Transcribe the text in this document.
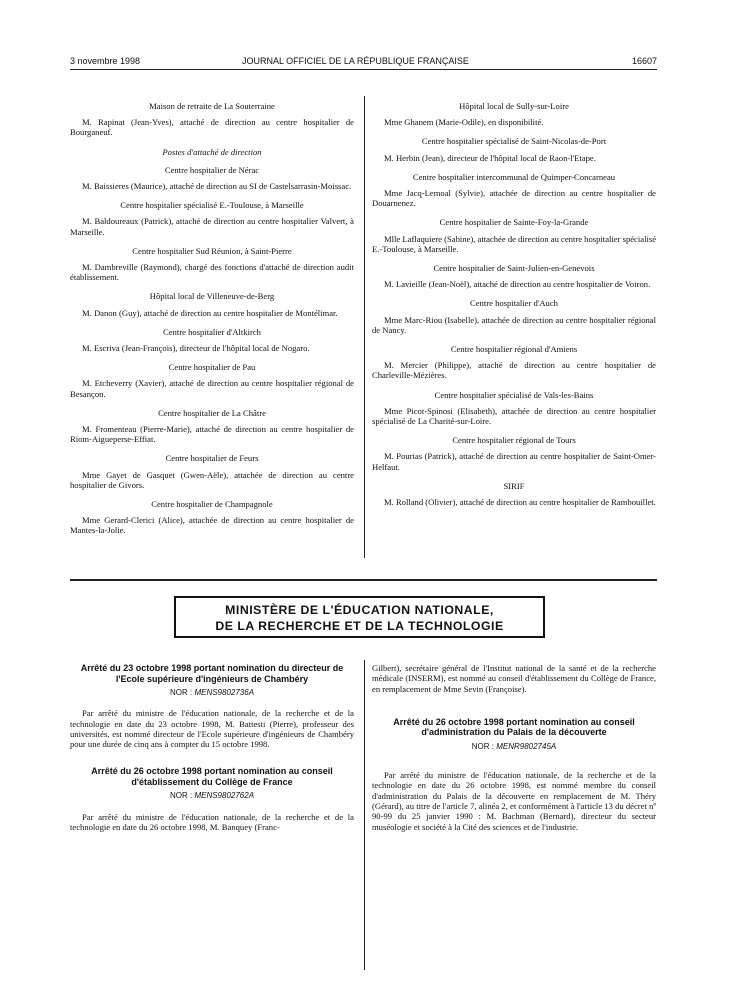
3 novembre 1998	JOURNAL OFFICIEL DE LA RÉPUBLIQUE FRANÇAISE	16607

Maison de retraite de La Souterraine

M. Rapinat (Jean-Yves), attaché de direction au centre hospitalier de Bourganeuf.

Postes d'attaché de direction

Centre hospitalier de Nérac

M. Baissieres (Maurice), attaché de direction au SI de Castelsarrasin-Moissac.

Centre hospitalier spécialisé E.-Toulouse, à Marseille

M. Baldoureaux (Patrick), attaché de direction au centre hospitalier Valvert, à Marseille.

Centre hospitalier Sud Réunion, à Saint-Pierre

M. Dambreville (Raymond), chargé des fonctions d'attaché de direction audit établissement.

Hôpital local de Villeneuve-de-Berg

M. Danon (Guy), attaché de direction au centre hospitalier de Montélimar.

Centre hospitalier d'Altkirch

M. Escriva (Jean-François), directeur de l'hôpital local de Nogaro.

Centre hospitalier de Pau

M. Etcheverry (Xavier), attaché de direction au centre hospitalier régional de Besançon.

Centre hospitalier de La Châtre

M. Fromenteau (Pierre-Marie), attaché de direction au centre hospitalier de Riom-Aigueperse-Effiat.

Centre hospitalier de Feurs

Mme Gayet de Gasquet (Gwen-Aële), attachée de direction au centre hospitalier de Givors.

Centre hospitalier de Champagnole

Mme Gerard-Clerici (Alice), attachée de direction au centre hospitalier de Mantes-la-Jolie.

Hôpital local de Sully-sur-Loire

Mme Ghanem (Marie-Odile), en disponibilité.

Centre hospitalier spécialisé de Saint-Nicolas-de-Port

M. Herbin (Jean), directeur de l'hôpital local de Raon-l'Etape.

Centre hospitalier intercommunal de Quimper-Concarneau

Mme Jacq-Lemoal (Sylvie), attachée de direction au centre hospitalier de Douarnenez.

Centre hospitalier de Sainte-Foy-la-Grande

Mlle Laflaquiere (Sabine), attachée de direction au centre hospitalier spécialisé E.-Toulouse, à Marseille.

Centre hospitalier de Saint-Julien-en-Genevois

M. Lavieille (Jean-Noël), attaché de direction au centre hospitalier de Voiron.

Centre hospitalier d'Auch

Mme Marc-Riou (Isabelle), attachée de direction au centre hospitalier régional de Nancy.

Centre hospitalier régional d'Amiens

M. Mercier (Philippe), attaché de direction au centre hospitalier de Charleville-Mézières.

Centre hospitalier spécialisé de Vals-les-Bains

Mme Picot-Spinosi (Elisabeth), attachée de direction au centre hospitalier spécialisé de La Charité-sur-Loire.

Centre hospitalier régional de Tours

M. Pourias (Patrick), attaché de direction au centre hospitalier de Saint-Omer-Helfaut.

SIRIF

M. Rolland (Olivier), attaché de direction au centre hospitalier de Rambouillet.

MINISTÈRE DE L'ÉDUCATION NATIONALE,
DE LA RECHERCHE ET DE LA TECHNOLOGIE

Arrêté du 23 octobre 1998 portant nomination du directeur de l'Ecole supérieure d'ingénieurs de Chambéry

NOR : MENS9802736A

Par arrêté du ministre de l'éducation nationale, de la recherche et de la technologie en date du 23 octobre 1998, M. Battesti (Pierre), professeur des universités, est nommé directeur de l'Ecole supérieure d'ingénieurs de Chambéry pour une durée de cinq ans à compter du 15 octobre 1998.

Arrêté du 26 octobre 1998 portant nomination au conseil d'établissement du Collège de France

NOR : MENS9802762A

Par arrêté du ministre de l'éducation nationale, de la recherche et de la technologie en date du 26 octobre 1998, M. Banquey (Franc-

Gilbert), secrétaire général de l'Institut national de la santé et de la recherche médicale (INSERM), est nommé au conseil d'établissement du Collège de France, en remplacement de Mme Sevin (Françoise).

Arrêté du 26 octobre 1998 portant nomination au conseil d'administration du Palais de la découverte

NOR : MENR9802745A

Par arrêté du ministre de l'éducation nationale, de la recherche et de la technologie en date du 26 octobre 1998, est nommé membre du conseil d'administration du Palais de la découverte en remplacement de M. Théry (Gérard), au titre de l'article 7, alinéa 2, et conformément à l'article 13 du décret nº 90-99 du 25 janvier 1990 : M. Bachman (Bernard), directeur du secteur muséologie et société à la Cité des sciences et de l'industrie.
